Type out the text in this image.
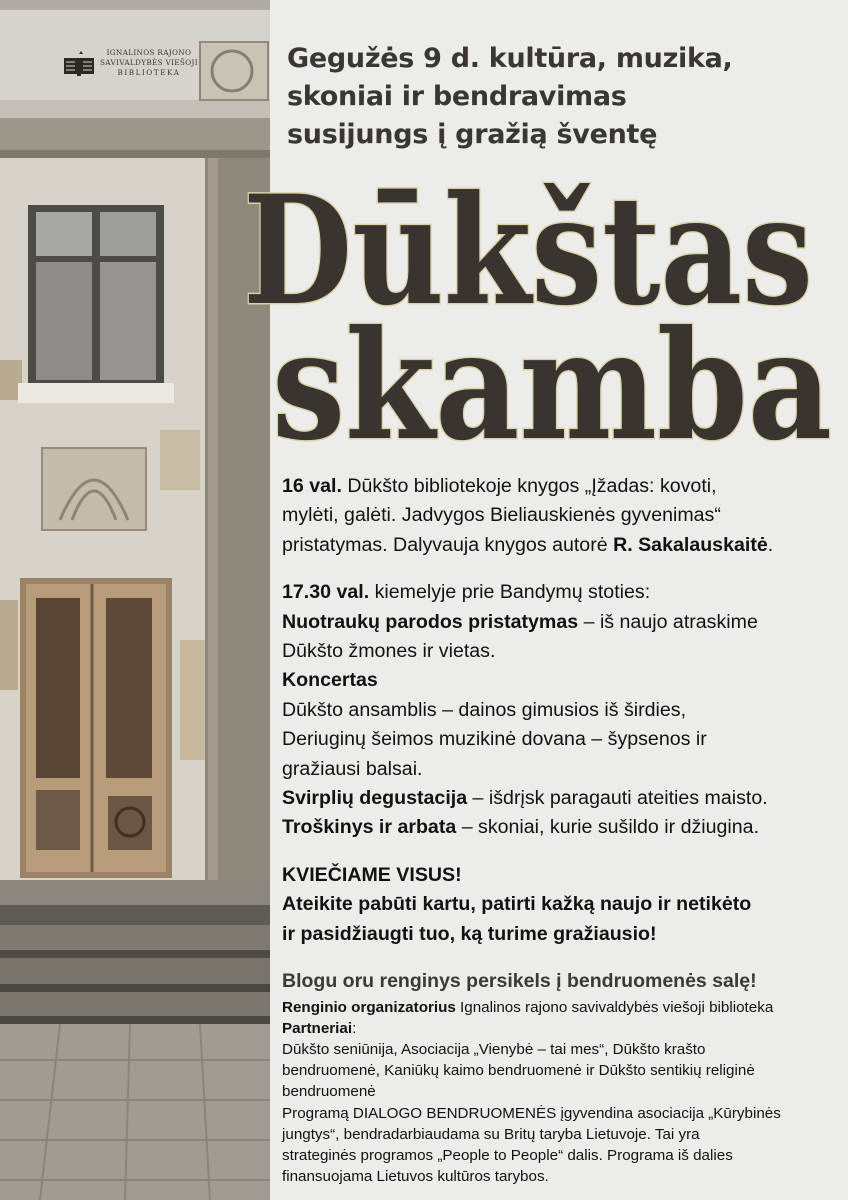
IGNALINOS RAJONO
SAVIVALDYBĖS VIEŠOJI
BIBLIOTEKA	Gegužės 9 d. kultūra, muzika,
skoniai ir bendravimas
susijungs į gražią šventę
Dūkštas
skamba

16 val. Dūkšto bibliotekoje knygos „Įžadas: kovoti,

mylėti, galėti. Jadvygos Bieliauskienės gyvenimas“

pristatymas. Dalyvauja knygos autorė R. Sakalauskaitė.

17.30 val. kiemelyje prie Bandymų stoties:

Nuotraukų parodos pristatymas – iš naujo atraskime

Dūkšto žmones ir vietas.

Koncertas

Dūkšto ansamblis – dainos gimusios iš širdies,

Deriuginų šeimos muzikinė dovana – šypsenos ir

gražiausi balsai.

Svirplių degustacija – išdrįsk paragauti ateities maisto.

Troškinys ir arbata – skoniai, kurie sušildo ir džiugina.

KVIEČIAME VISUS!

Ateikite pabūti kartu, patirti kažką naujo ir netikėto

ir pasidžiaugti tuo, ką turime gražiausio!

Blogu oru renginys persikels į bendruomenės salę!

Renginio organizatorius Ignalinos rajono savivaldybės viešoji biblioteka

Partneriai:

Dūkšto seniūnija, Asociacija „Vienybė – tai mes“, Dūkšto krašto

bendruomenė, Kaniūkų kaimo bendruomenė ir Dūkšto sentikių religinė

bendruomenė

Programą DIALOGO BENDRUOMENĖS įgyvendina asociacija „Kūrybinės

jungtys“, bendradarbiaudama su Britų taryba Lietuvoje. Tai yra

strateginės programos „People to People“ dalis. Programa iš dalies

finansuojama Lietuvos kultūros tarybos.
